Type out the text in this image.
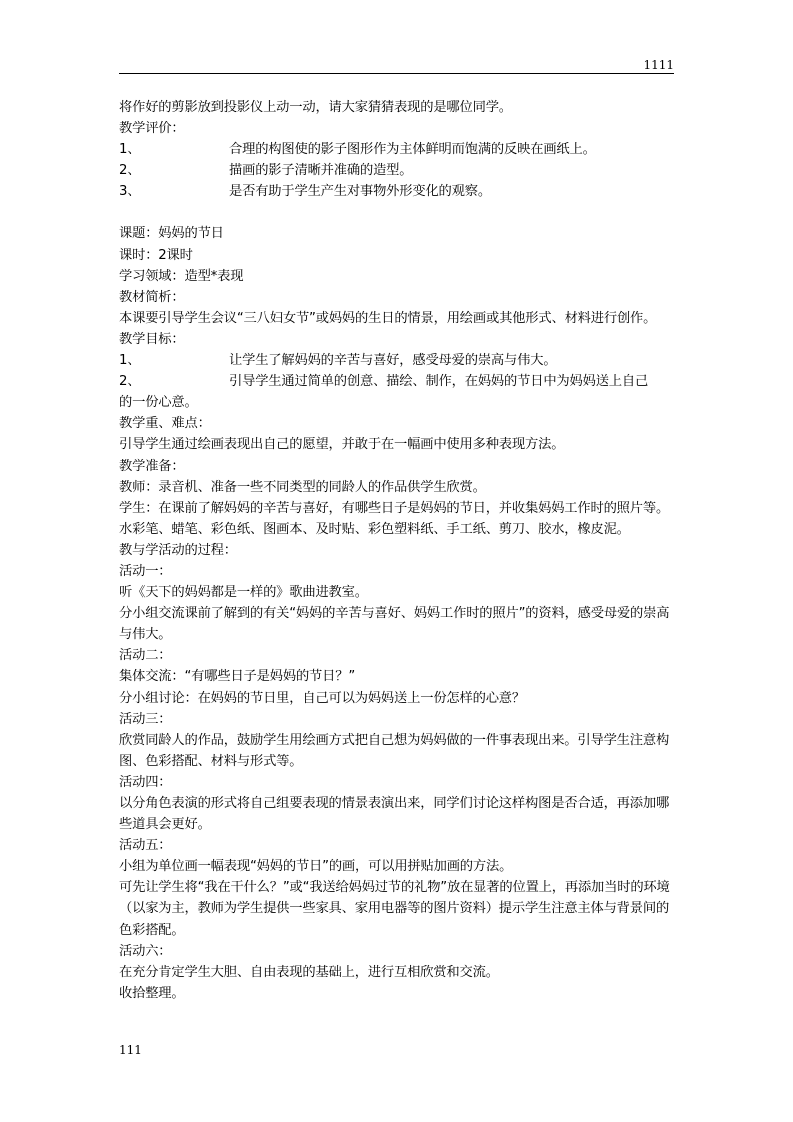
1111

将作好的剪影放到投影仪上动一动，请大家猜猜表现的是哪位同学。

教学评价：

1、	合理的构图使的影子图形作为主体鲜明而饱满的反映在画纸上。
2、	描画的影子清晰并准确的造型。
3、	是否有助于学生产生对事物外形变化的观察。

课题：妈妈的节日

课时：2课时

学习领域：造型*表现

教材简析：

本课要引导学生会议“三八妇女节”或妈妈的生日的情景，用绘画或其他形式、材料进行创作。

教学目标：

1、	让学生了解妈妈的辛苦与喜好，感受母爱的崇高与伟大。
2、	引导学生通过简单的创意、描绘、制作，在妈妈的节日中为妈妈送上自己

的一份心意。

教学重、难点：

引导学生通过绘画表现出自己的愿望，并敢于在一幅画中使用多种表现方法。

教学准备：

教师：录音机、准备一些不同类型的同龄人的作品供学生欣赏。

学生：在课前了解妈妈的辛苦与喜好，有哪些日子是妈妈的节日，并收集妈妈工作时的照片等。水彩笔、蜡笔、彩色纸、图画本、及时贴、彩色塑料纸、手工纸、剪刀、胶水，橡皮泥。

教与学活动的过程：

活动一：

听《天下的妈妈都是一样的》歌曲进教室。

分小组交流课前了解到的有关“妈妈的辛苦与喜好、妈妈工作时的照片”的资料，感受母爱的崇高与伟大。

活动二：

集体交流：“有哪些日子是妈妈的节日？”

分小组讨论：在妈妈的节日里，自己可以为妈妈送上一份怎样的心意？

活动三：

欣赏同龄人的作品，鼓励学生用绘画方式把自己想为妈妈做的一件事表现出来。引导学生注意构图、色彩搭配、材料与形式等。

活动四：

以分角色表演的形式将自己组要表现的情景表演出来，同学们讨论这样构图是否合适，再添加哪些道具会更好。

活动五：

小组为单位画一幅表现“妈妈的节日”的画，可以用拼贴加画的方法。

可先让学生将“我在干什么？”或“我送给妈妈过节的礼物”放在显著的位置上，再添加当时的环境（以家为主，教师为学生提供一些家具、家用电器等的图片资料）提示学生注意主体与背景间的色彩搭配。

活动六：

在充分肯定学生大胆、自由表现的基础上，进行互相欣赏和交流。

收拾整理。

111
